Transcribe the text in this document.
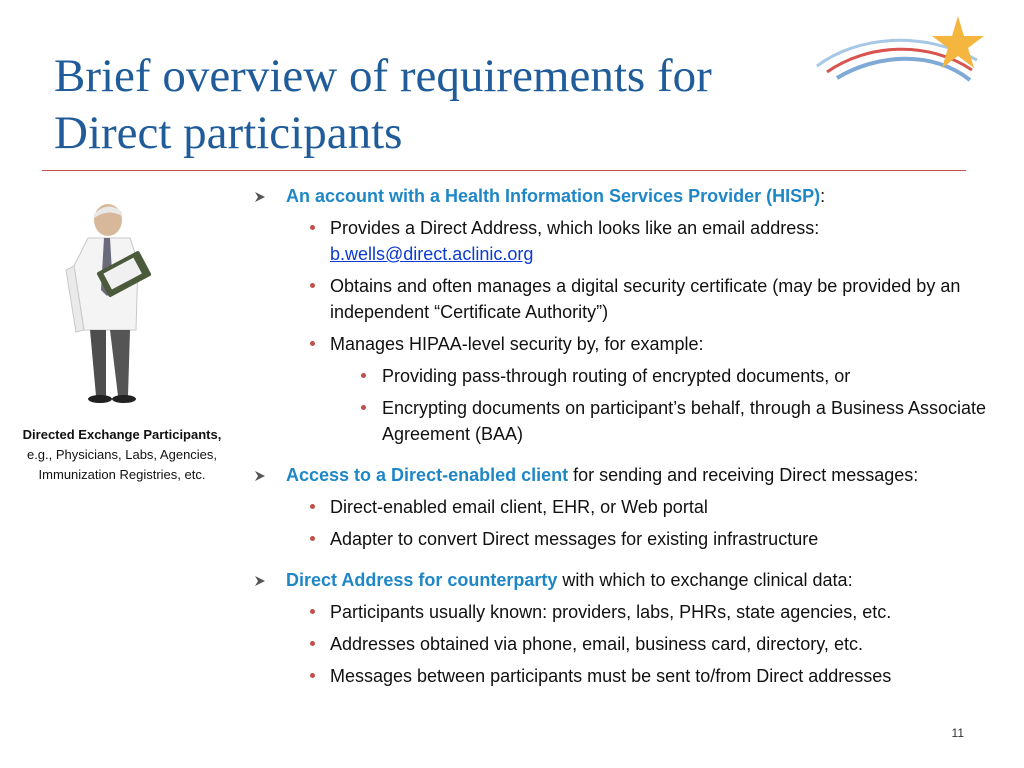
Brief overview of requirements for
Direct participants
Directed Exchange Participants,
e.g., Physicians, Labs, Agencies,
Immunization Registries, etc.
An account with a Health Information Services Provider (HISP):
Provides a Direct Address, which looks like an email address:
b.wells@direct.aclinic.org
Obtains and often manages a digital security certificate (may be provided by an independent “Certificate Authority”)
Manages HIPAA-level security by, for example:
Providing pass-through routing of encrypted documents, or
Encrypting documents on participant’s behalf, through a Business Associate Agreement (BAA)
Access to a Direct-enabled client for sending and receiving Direct messages:
Direct-enabled email client, EHR, or Web portal
Adapter to convert Direct messages for existing infrastructure
Direct Address for counterparty with which to exchange clinical data:
Participants usually known: providers, labs, PHRs, state agencies, etc.
Addresses obtained via phone, email, business card, directory, etc.
Messages between participants must be sent to/from Direct addresses
11
